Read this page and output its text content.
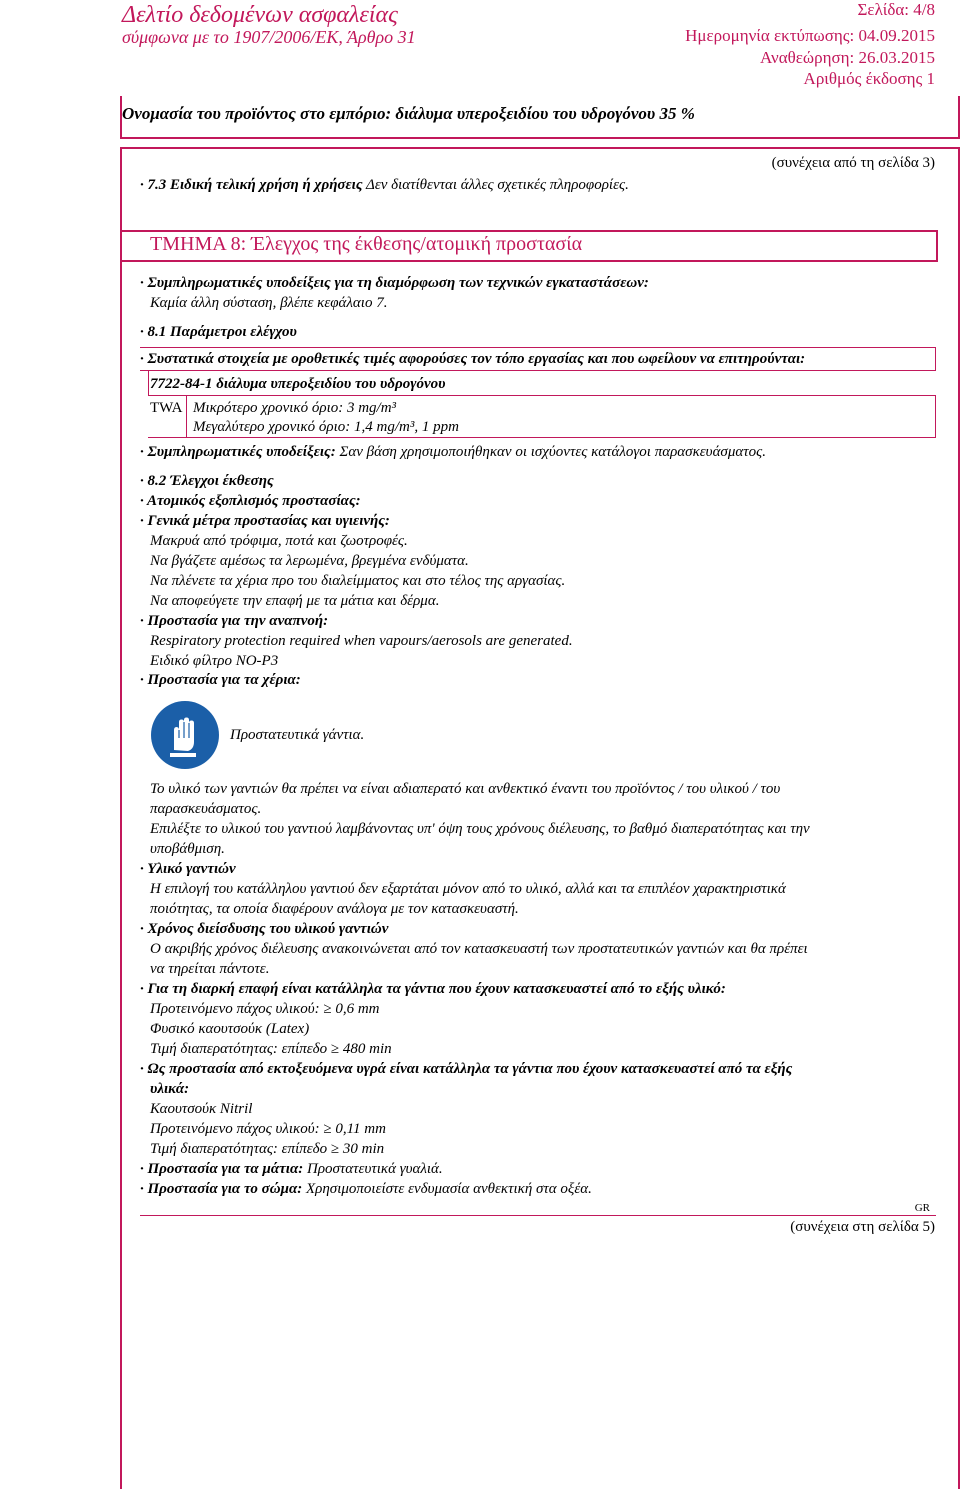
Δελτίο δεδομένων ασφαλείας
σύμφωνα με το 1907/2006/ΕΚ, Άρθρο 31
Σελίδα: 4/8
Ημερομηνία εκτύπωσης: 04.09.2015
Αναθεώρηση: 26.03.2015
Αριθμός έκδοσης 1
Ονομασία του προϊόντος στο εμπόριο: διάλυμα υπεροξειδίου του υδρογόνου 35 %
(συνέχεια από τη σελίδα 3)
· 7.3 Ειδική τελική χρήση ή χρήσεις Δεν διατίθενται άλλες σχετικές πληροφορίες.
ΤΜΗΜΑ 8: Έλεγχος της έκθεσης/ατομική προστασία
· Συμπληρωματικές υποδείξεις για τη διαμόρφωση των τεχνικών εγκαταστάσεων:
Καμία άλλη σύσταση, βλέπε κεφάλαιο 7.
· 8.1 Παράμετροι ελέγχου
· Συστατικά στοιχεία με οροθετικές τιμές αφορούσες τον τόπο εργασίας και που ωφείλουν να επιτηρούνται:
7722-84-1 διάλυμα υπεροξειδίου του υδρογόνου
TWA Μικρότερο χρονικό όριο: 3 mg/m³
Μεγαλύτερο χρονικό όριο: 1,4 mg/m³, 1 ppm
· Συμπληρωματικές υποδείξεις: Σαν βάση χρησιμοποιήθηκαν οι ισχύοντες κατάλογοι παρασκευάσματος.
· 8.2 Έλεγχοι έκθεσης
· Ατομικός εξοπλισμός προστασίας:
· Γενικά μέτρα προστασίας και υγιεινής:
Μακρυά από τρόφιμα, ποτά και ζωοτροφές.
Να βγάζετε αμέσως τα λερωμένα, βρεγμένα ενδύματα.
Να πλένετε τα χέρια προ του διαλείμματος και στο τέλος της αργασίας.
Να αποφεύγετε την επαφή με τα μάτια και δέρμα.
· Προστασία για την αναπνοή:
Respiratory protection required when vapours/aerosols are generated.
Ειδικό φίλτρο NO-P3
· Προστασία για τα χέρια:
Προστατευτικά γάντια.
Το υλικό των γαντιών θα πρέπει να είναι αδιαπερατό και ανθεκτικό έναντι του προϊόντος / του υλικού / του
παρασκευάσματος.
Επιλέξτε το υλικού του γαντιού λαμβάνοντας υπ' όψη τους χρόνους διέλευσης, το βαθμό διαπερατότητας και την
υποβάθμιση.
· Υλικό γαντιών
Η επιλογή του κατάλληλου γαντιού δεν εξαρτάται μόνον από το υλικό, αλλά και τα επιπλέον χαρακτηριστικά
ποιότητας, τα οποία διαφέρουν ανάλογα με τον κατασκευαστή.
· Χρόνος διείσδυσης του υλικού γαντιών
Ο ακριβής χρόνος διέλευσης ανακοινώνεται από τον κατασκευαστή των προστατευτικών γαντιών και θα πρέπει
να τηρείται πάντοτε.
· Για τη διαρκή επαφή είναι κατάλληλα τα γάντια που έχουν κατασκευαστεί από το εξής υλικό:
Προτεινόμενο πάχος υλικού: ≥ 0,6 mm
Φυσικό καουτσούκ (Latex)
Τιμή διαπερατότητας: επίπεδο ≥ 480 min
· Ως προστασία από εκτοξευόμενα υγρά είναι κατάλληλα τα γάντια που έχουν κατασκευαστεί από τα εξής
υλικά:
Καουτσούκ Nitril
Προτεινόμενο πάχος υλικού: ≥ 0,11 mm
Τιμή διαπερατότητας: επίπεδο ≥ 30 min
· Προστασία για τα μάτια: Προστατευτικά γυαλιά.
· Προστασία για το σώμα: Χρησιμοποιείστε ενδυμασία ανθεκτική στα οξέα.
GR
(συνέχεια στη σελίδα 5)
